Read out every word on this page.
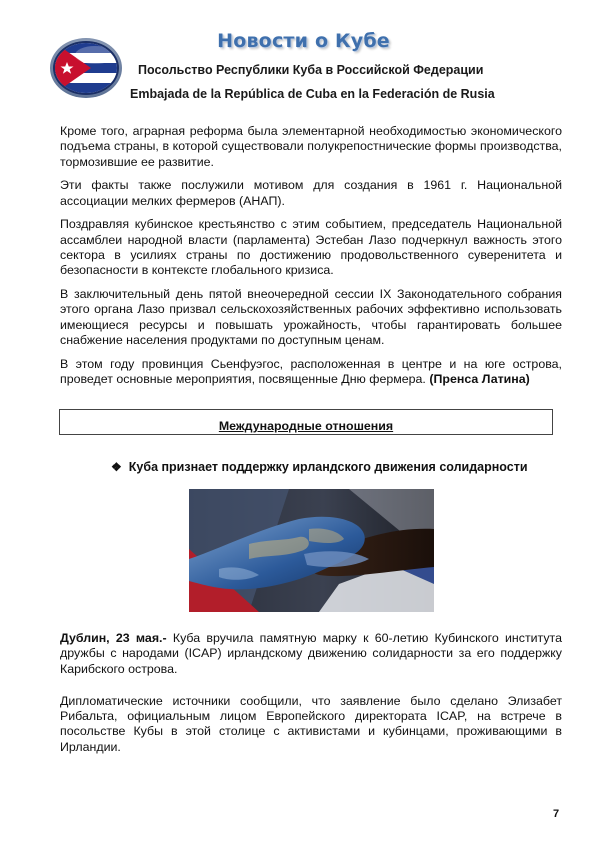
Новости о Кубе
Посольство Республики Куба в Российской Федерации
Embajada de la República de Cuba en la Federación de Rusia

Кроме того, аграрная реформа была элементарной необходимостью экономического подъема страны, в которой существовали полукрепостнические формы производства, тормозившие ее развитие.

Эти факты также послужили мотивом для создания в 1961 г. Национальной ассоциации мелких фермеров (АНАП).

Поздравляя кубинское крестьянство с этим событием, председатель Национальной ассамблеи народной власти (парламента) Эстебан Лазо подчеркнул важность этого сектора в усилиях страны по достижению продовольственного суверенитета и безопасности в контексте глобального кризиса.

В заключительный день пятой внеочередной сессии IX Законодательного собрания этого органа Лазо призвал сельскохозяйственных рабочих эффективно использовать имеющиеся ресурсы и повышать урожайность, чтобы гарантировать большее снабжение населения продуктами по доступным ценам.

В этом году провинция Сьенфуэгос, расположенная в центре и на юге острова, проведет основные мероприятия, посвященные Дню фермера. (Пренса Латина)

Международные отношения
❖ Куба признает поддержку ирландского движения солидарности

Дублин, 23 мая.- Куба вручила памятную марку к 60-летию Кубинского института дружбы с народами (ICAP) ирландскому движению солидарности за его поддержку Карибского острова.

Дипломатические источники сообщили, что заявление было сделано Элизабет Рибальта, официальным лицом Европейского директората ICAP, на встрече в посольстве Кубы в этой столице с активистами и кубинцами, проживающими в Ирландии.

7
